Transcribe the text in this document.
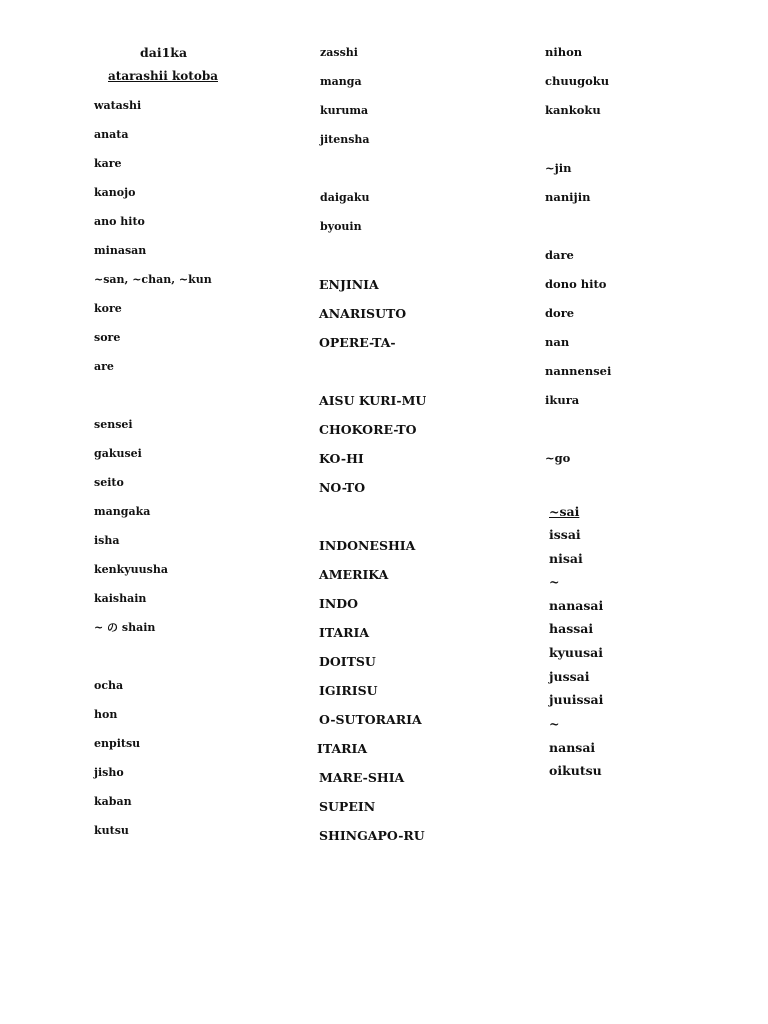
dai1ka
atarashii kotoba
watashi
anata
kare
kanojo
ano hito
minasan
~san, ~chan, ~kun
kore
sore
are
sensei
gakusei
seito
mangaka
isha
kenkyuusha
kaishain
~ の shain
ocha
hon
enpitsu
jisho
kaban
kutsu
zasshi
manga
kuruma
jitensha
daigaku
byouin
ENJINIA
ANARISUTO
OPERE-TA-
AISU KURI-MU
CHOKORE-TO
KO-HI
NO-TO
INDONESHIA
AMERIKA
INDO
ITARIA
DOITSU
IGIRISU
O-SUTORARIA
ITARIA
MARE-SHIA
SUPEIN
SHINGAPO-RU
nihon
chuugoku
kankoku
~jin
nanijin
dare
dono hito
dore
nan
nannensei
ikura
~go
~sai
issai
nisai
~
nanasai
hassai
kyuusai
jussai
juuissai
~
nansai
oikutsu
